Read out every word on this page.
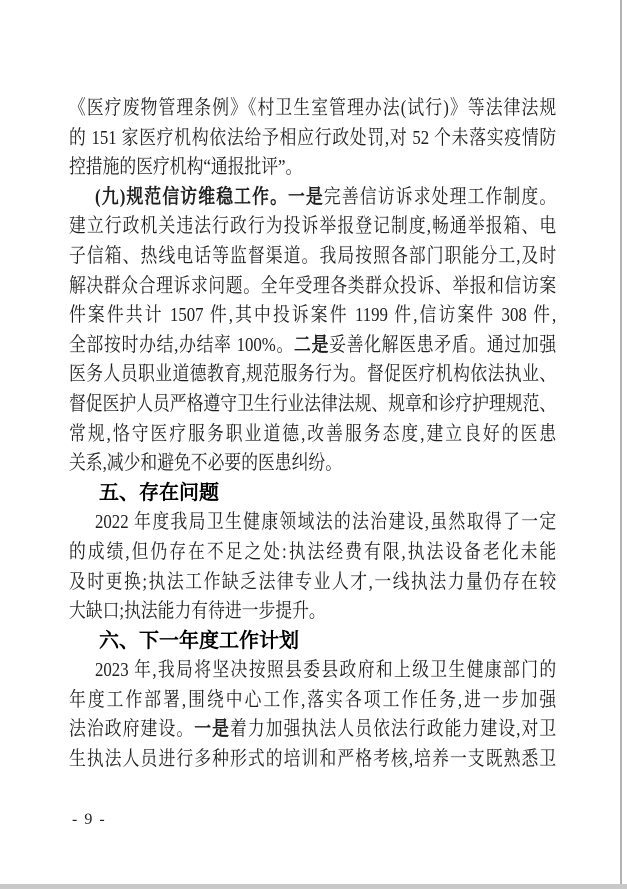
《医疗废物管理条例》《村卫生室管理办法(试行)》等法律法规
的 151 家医疗机构依法给予相应行政处罚,对 52 个未落实疫情防
控措施的医疗机构“通报批评”。
(九)规范信访维稳工作。一是完善信访诉求处理工作制度。
建立行政机关违法行政行为投诉举报登记制度,畅通举报箱、电
子信箱、热线电话等监督渠道。我局按照各部门职能分工,及时
解决群众合理诉求问题。全年受理各类群众投诉、举报和信访案
件案件共计 1507 件,其中投诉案件 1199 件,信访案件 308 件,
全部按时办结,办结率 100%。二是妥善化解医患矛盾。通过加强
医务人员职业道德教育,规范服务行为。督促医疗机构依法执业、
督促医护人员严格遵守卫生行业法律法规、规章和诊疗护理规范、
常规,恪守医疗服务职业道德,改善服务态度,建立良好的医患
关系,减少和避免不必要的医患纠纷。
五、存在问题
2022 年度我局卫生健康领域法的法治建设,虽然取得了一定
的成绩,但仍存在不足之处:执法经费有限,执法设备老化未能
及时更换;执法工作缺乏法律专业人才,一线执法力量仍存在较
大缺口;执法能力有待进一步提升。
六、下一年度工作计划
2023 年,我局将坚决按照县委县政府和上级卫生健康部门的
年度工作部署,围绕中心工作,落实各项工作任务,进一步加强
法治政府建设。一是着力加强执法人员依法行政能力建设,对卫
生执法人员进行多种形式的培训和严格考核,培养一支既熟悉卫
- 9 -
